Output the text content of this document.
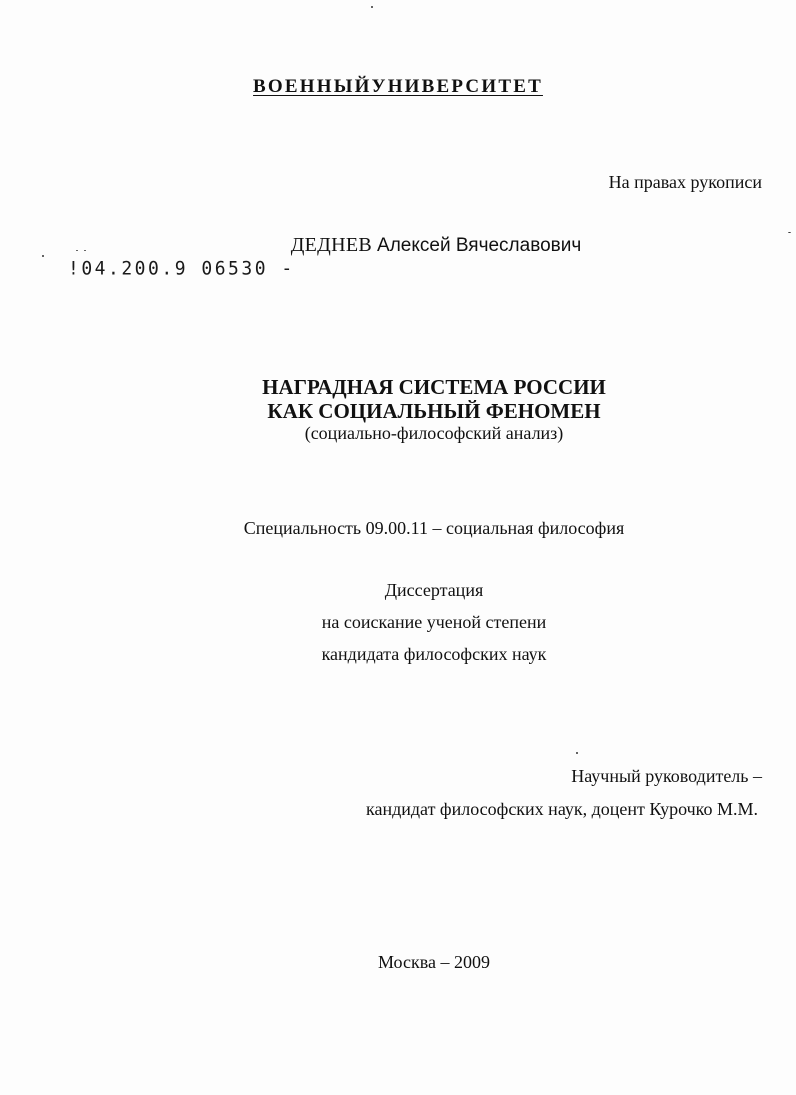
ВОЕННЫЙУНИВЕРСИТЕТ
На правах рукописи
ДЕДНЕВ Алексей Вячеславович
!04.200.9 06530 -
НАГРАДНАЯ СИСТЕМА РОССИИ
КАК СОЦИАЛЬНЫЙ ФЕНОМЕН
(социально-философский анализ)
Специальность 09.00.11 – социальная философия
Диссертация
на соискание ученой степени
кандидата философских наук
Научный руководитель –
кандидат философских наук, доцент Курочко М.М.
Москва – 2009
